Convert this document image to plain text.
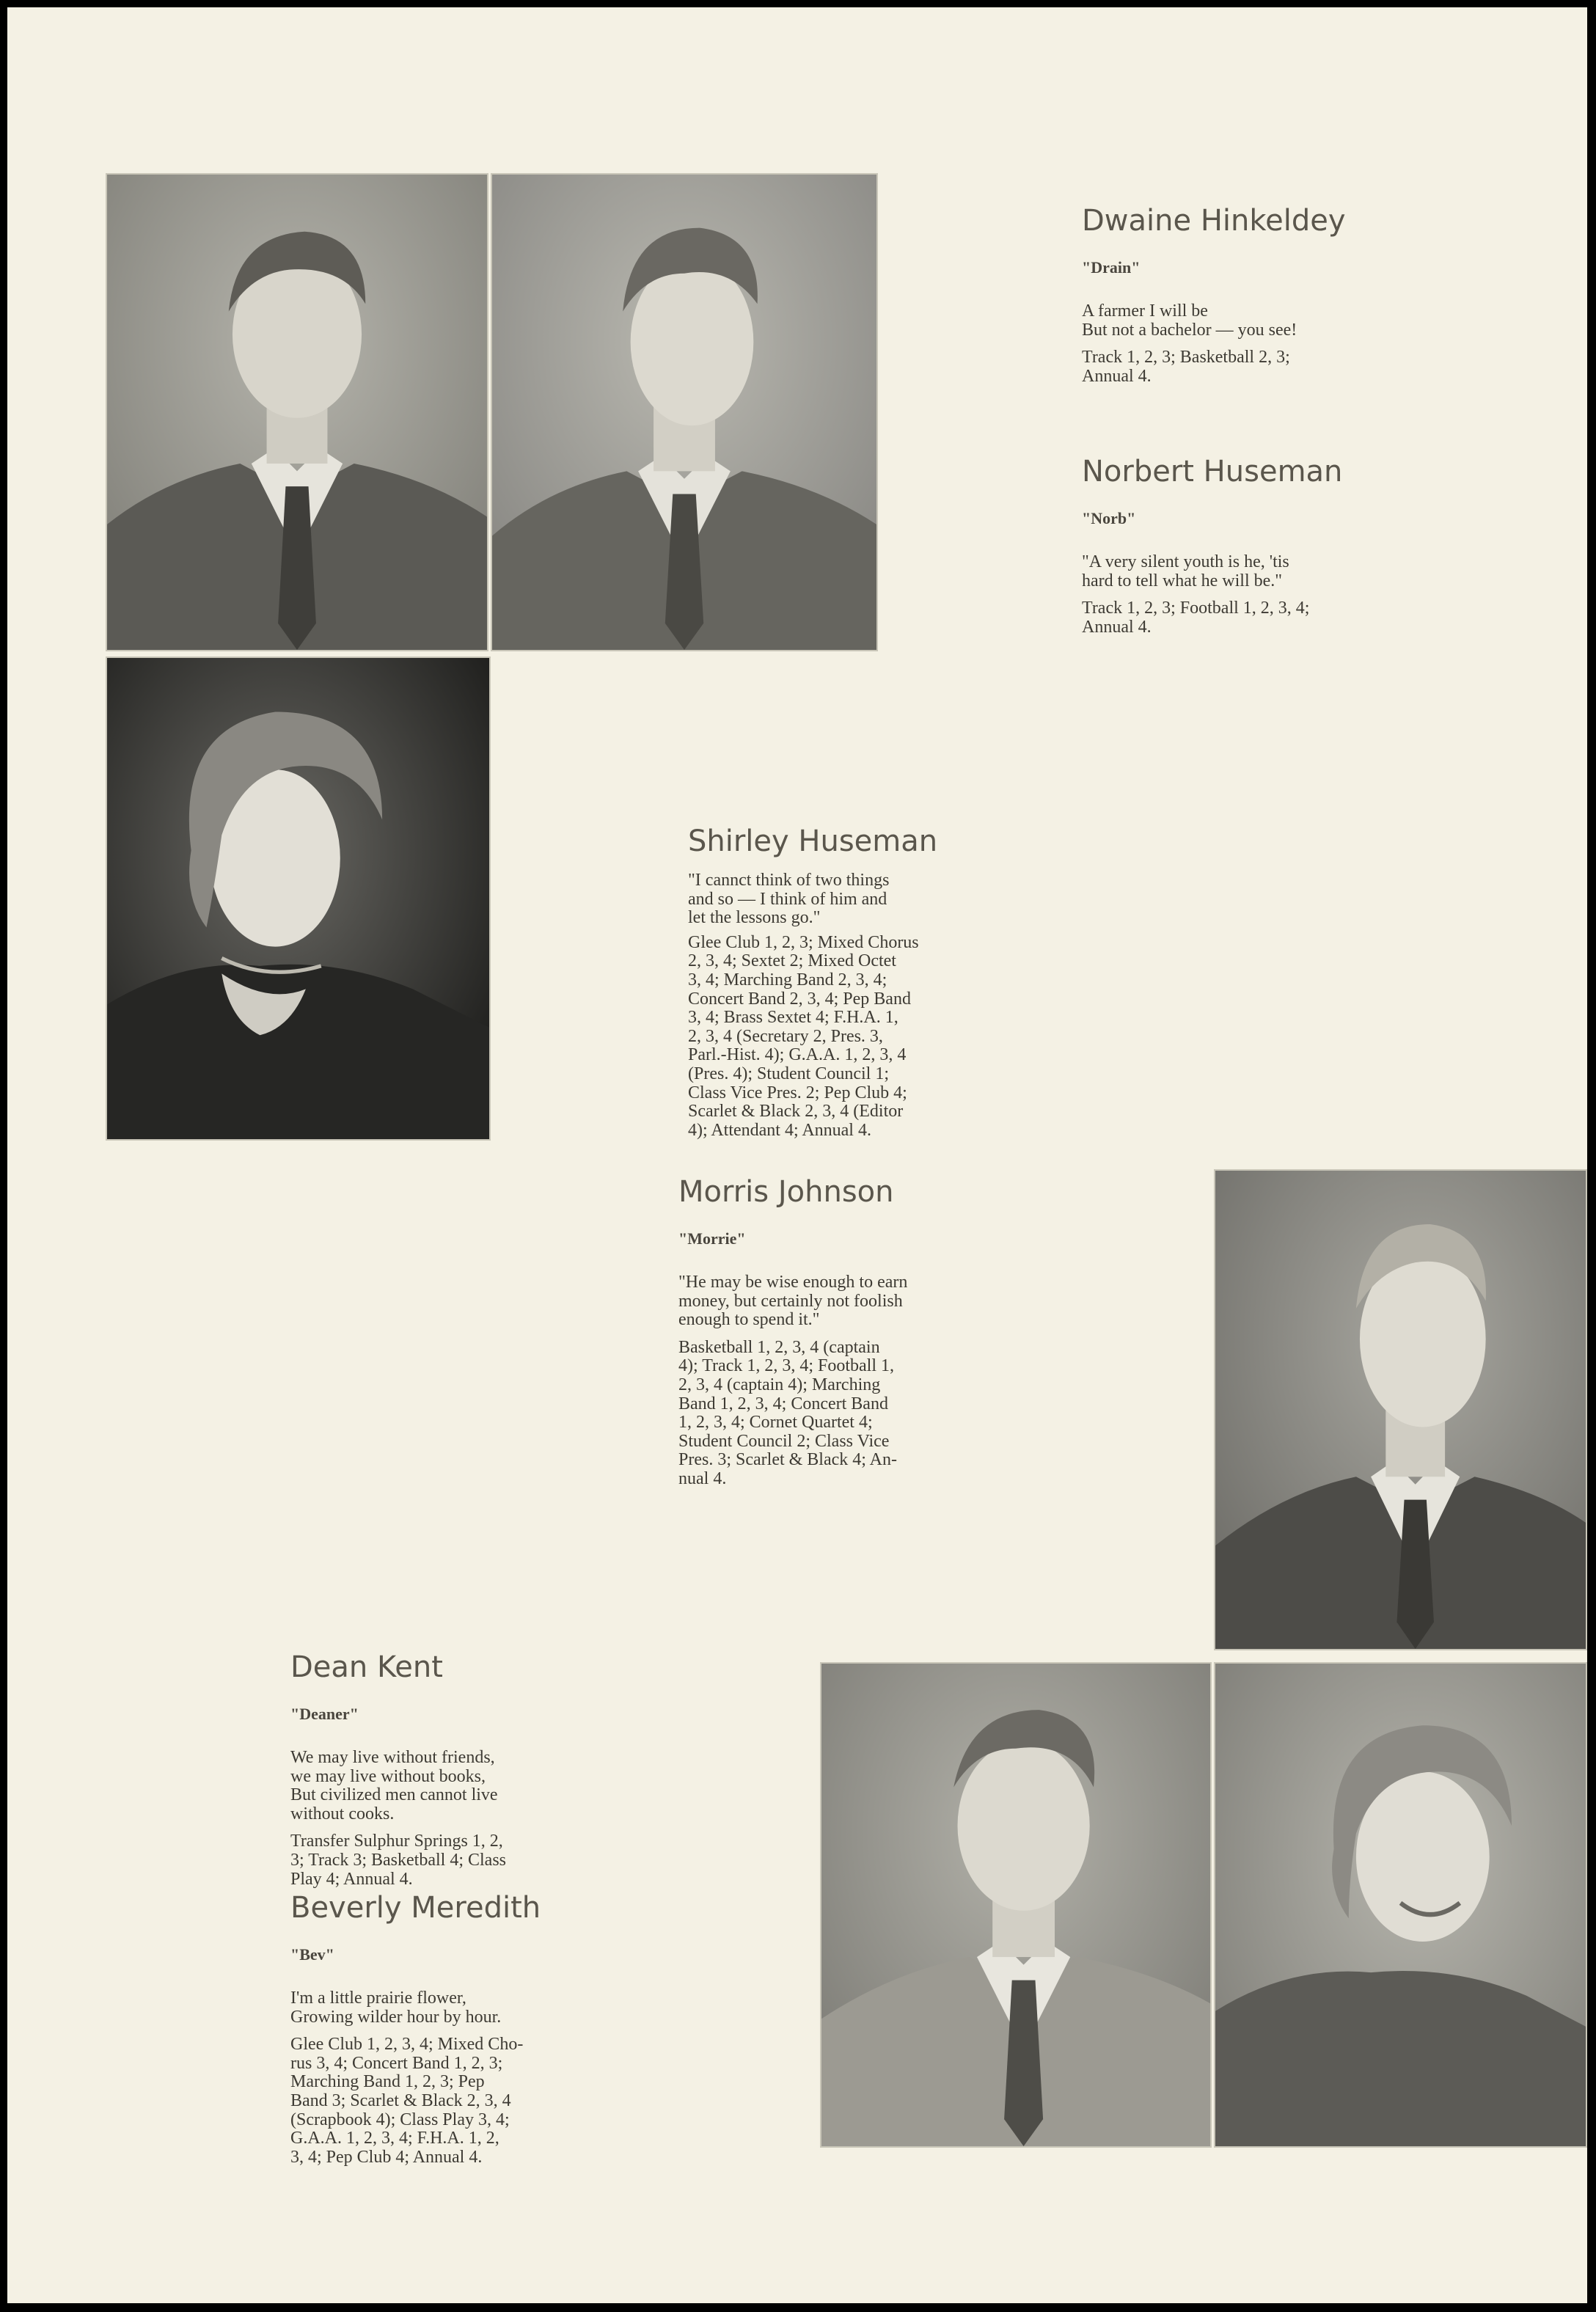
Dwaine Hinkeldey
"Drain"
A farmer I will be
But not a bachelor — you see!
Track 1, 2, 3; Basketball 2, 3;
Annual 4.
Norbert Huseman
"Norb"
"A very silent youth is he, 'tis
hard to tell what he will be."
Track 1, 2, 3; Football 1, 2, 3, 4;
Annual 4.
Shirley Huseman
"I cannct think of two things
and so — I think of him and
let the lessons go."
Glee Club 1, 2, 3; Mixed Chorus
2, 3, 4; Sextet 2; Mixed Octet
3, 4; Marching Band 2, 3, 4;
Concert Band 2, 3, 4; Pep Band
3, 4; Brass Sextet 4; F.H.A. 1,
2, 3, 4 (Secretary 2, Pres. 3,
Parl.-Hist. 4); G.A.A. 1, 2, 3, 4
(Pres. 4); Student Council 1;
Class Vice Pres. 2; Pep Club 4;
Scarlet & Black 2, 3, 4 (Editor
4); Attendant 4; Annual 4.
Morris Johnson
"Morrie"
"He may be wise enough to earn
money, but certainly not foolish
enough to spend it."
Basketball 1, 2, 3, 4 (captain
4); Track 1, 2, 3, 4; Football 1,
2, 3, 4 (captain 4); Marching
Band 1, 2, 3, 4; Concert Band
1, 2, 3, 4; Cornet Quartet 4;
Student Council 2; Class Vice
Pres. 3; Scarlet & Black 4; An-
nual 4.
Dean Kent
"Deaner"
We may live without friends,
we may live without books,
But civilized men cannot live
without cooks.
Transfer Sulphur Springs 1, 2,
3; Track 3; Basketball 4; Class
Play 4; Annual 4.
Beverly Meredith
"Bev"
I'm a little prairie flower,
Growing wilder hour by hour.
Glee Club 1, 2, 3, 4; Mixed Cho-
rus 3, 4; Concert Band 1, 2, 3;
Marching Band 1, 2, 3; Pep
Band 3; Scarlet & Black 2, 3, 4
(Scrapbook 4); Class Play 3, 4;
G.A.A. 1, 2, 3, 4; F.H.A. 1, 2,
3, 4; Pep Club 4; Annual 4.
